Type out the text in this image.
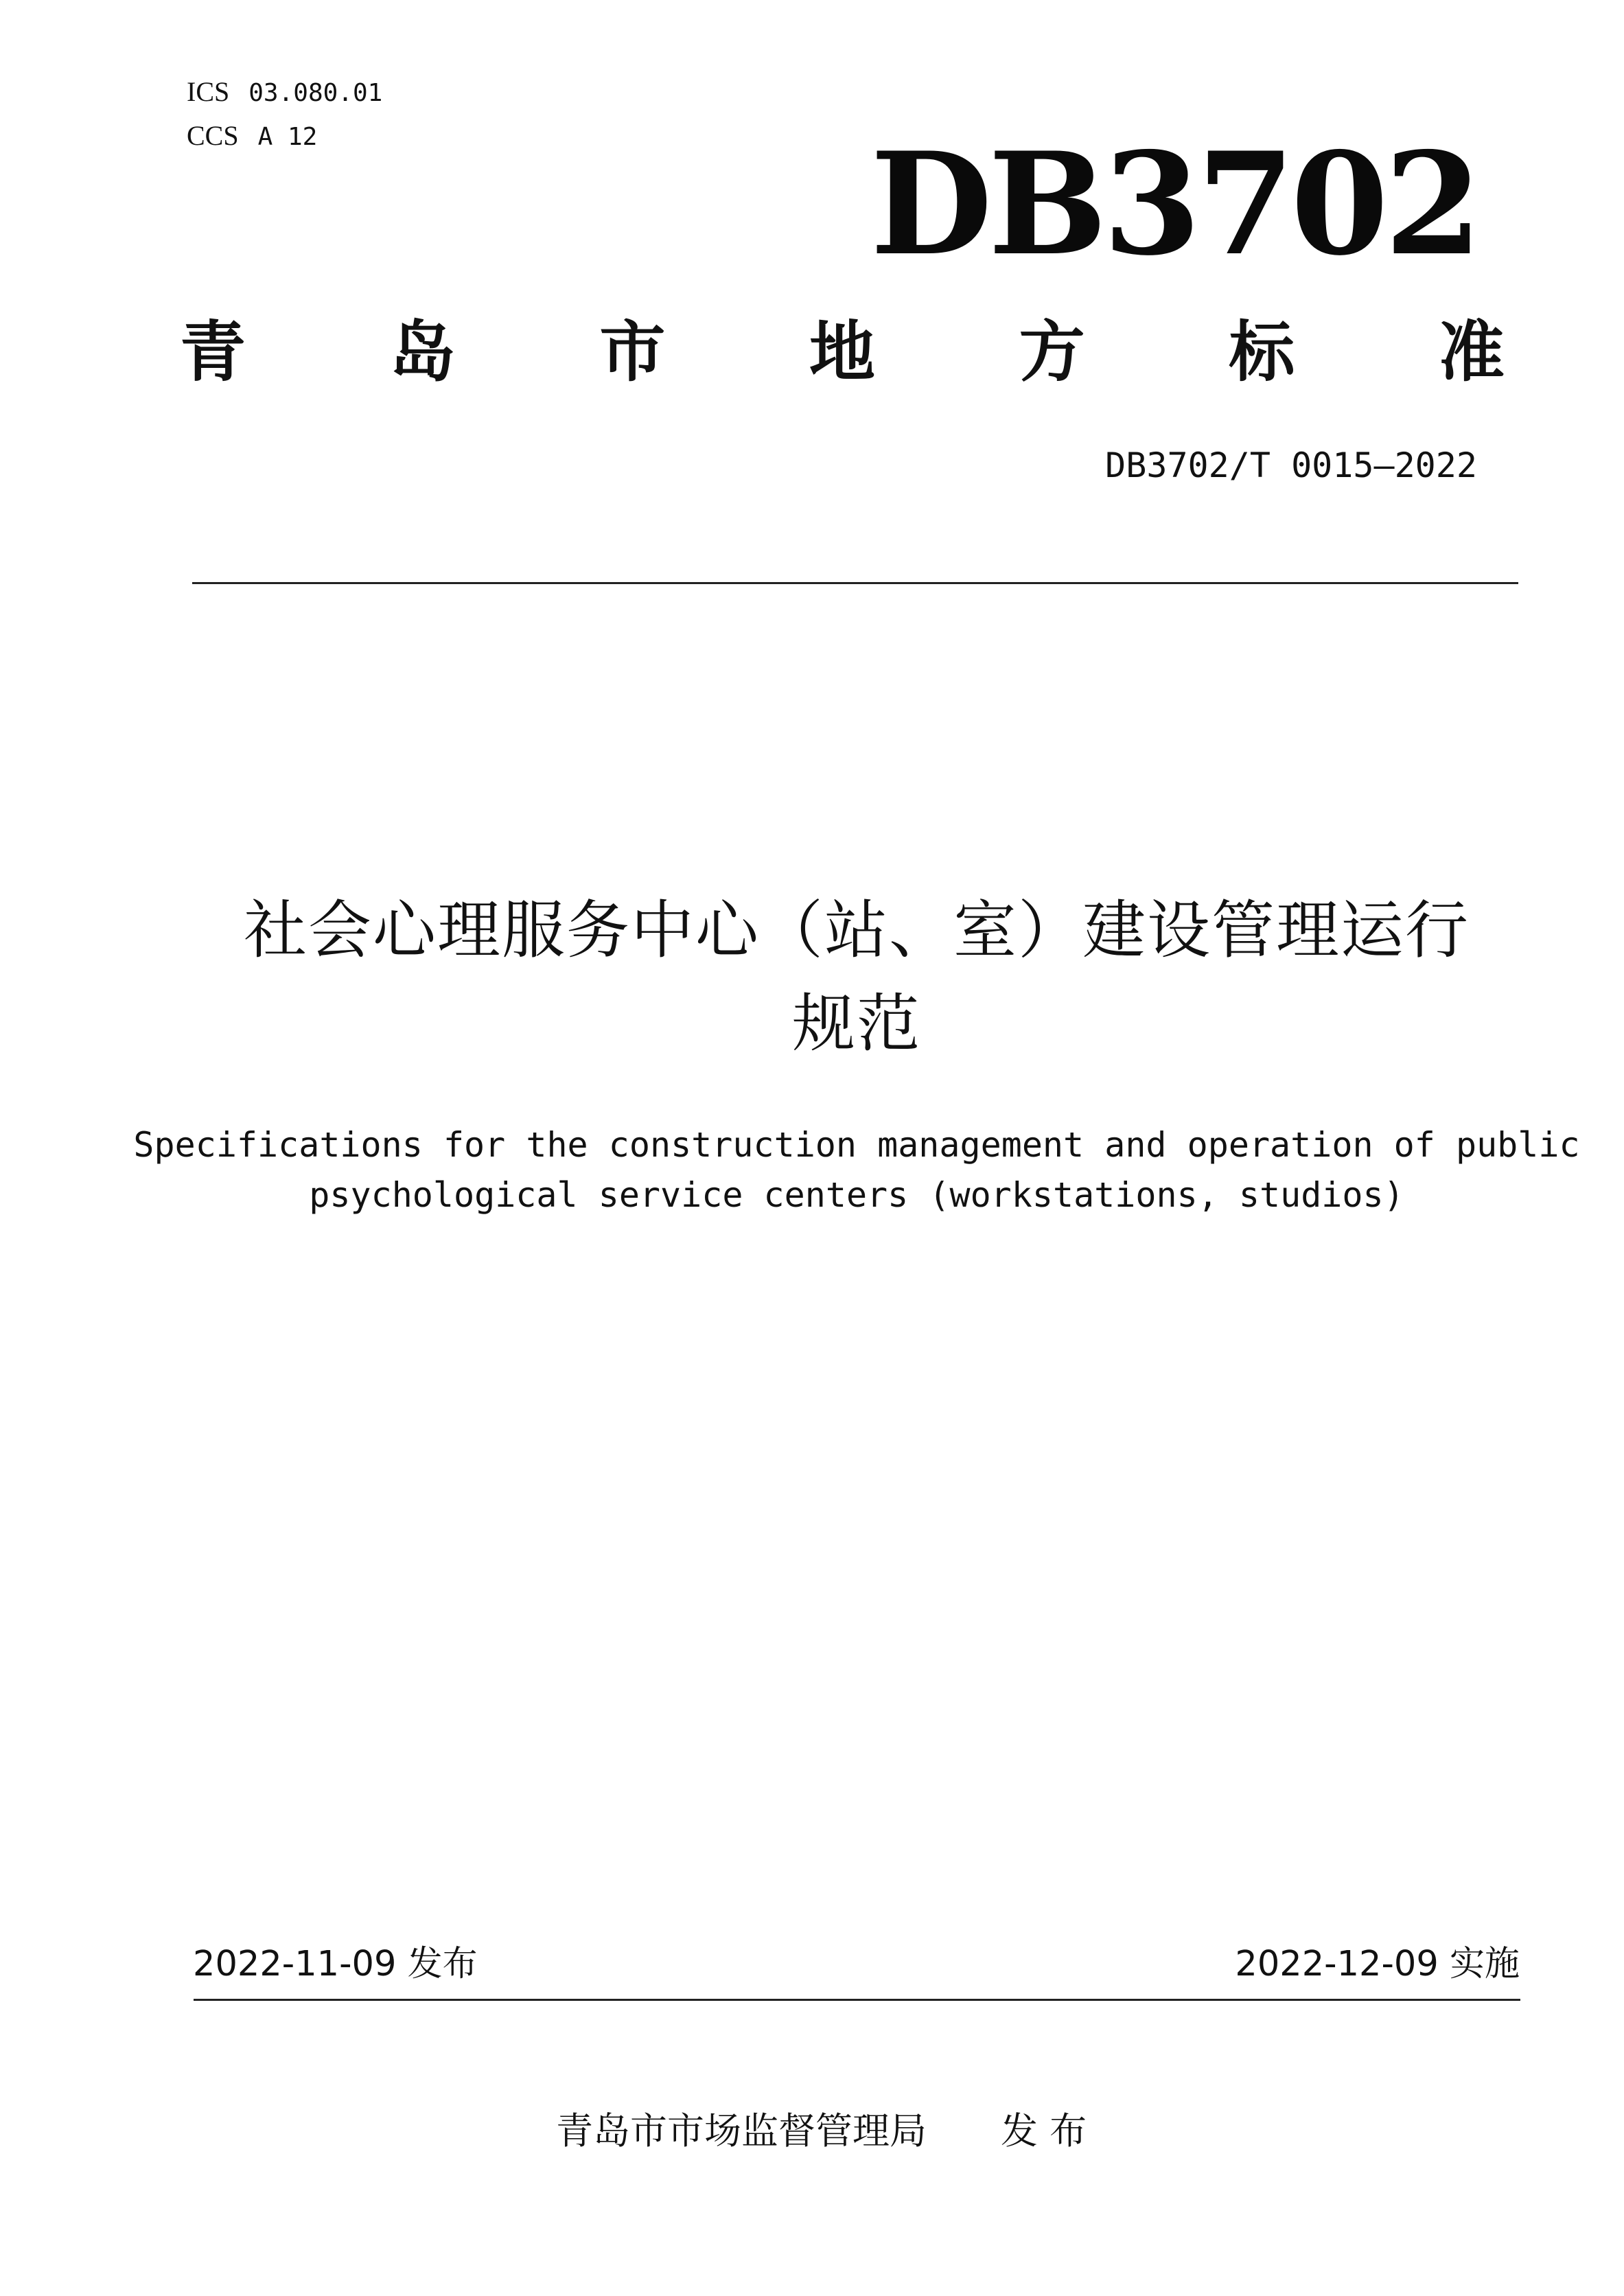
ICS 03.080.01
CCS A 12	DB3702
青 岛 市 地 方 标 准
DB3702/T 0015—2022
社会心理服务中心（站、室）建设管理运行
规范
Specifications for the construction management and operation of public
psychological service centers (workstations, studios)
2022-11-09 发布	2022-12-09 实施
青岛市市场监督管理局 发 布
